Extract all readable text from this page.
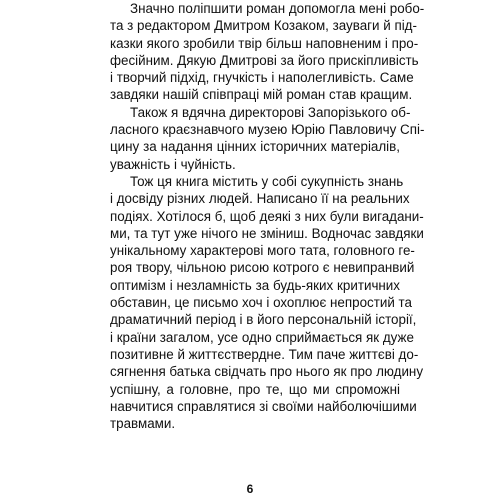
Значно поліпшити роман допомогла мені робо-
та з редактором Дмитром Козаком, зауваги й під-
казки якого зробили твір більш наповненим і про-
фесійним. Дякую Дмитрові за його прискіпливість
і творчий підхід, гнучкість і наполегливість. Саме
завдяки нашій співпраці мій роман став кращим.
Також я вдячна директорові Запорізького об-
ласного краєзнавчого музею Юрію Павловичу Спі-
цину за надання цінних історичних матеріалів,
уважність і чуйність.
Тож ця книга містить у собі сукупність знань
і досвіду різних людей. Написано її на реальних
подіях. Хотілося б, щоб деякі з них були вигадани-
ми, та тут уже нічого не зміниш. Водночас завдяки
унікальному характерові мого тата, головного ге-
роя твору, чільною рисою котрого є невипранвий
оптимізм і незламність за будь-яких критичних
обставин, це письмо хоч і охоплює непростий та
драматичний період і в його персональній історії,
і країни загалом, усе одно сприймається як дуже
позитивне й життєствердне. Тим паче життєві до-
сягнення батька свідчать про нього як про людину
успішну, а головне, про те, що ми спроможні
навчитися справлятися зі своїми найболючішими
травмами.
6
